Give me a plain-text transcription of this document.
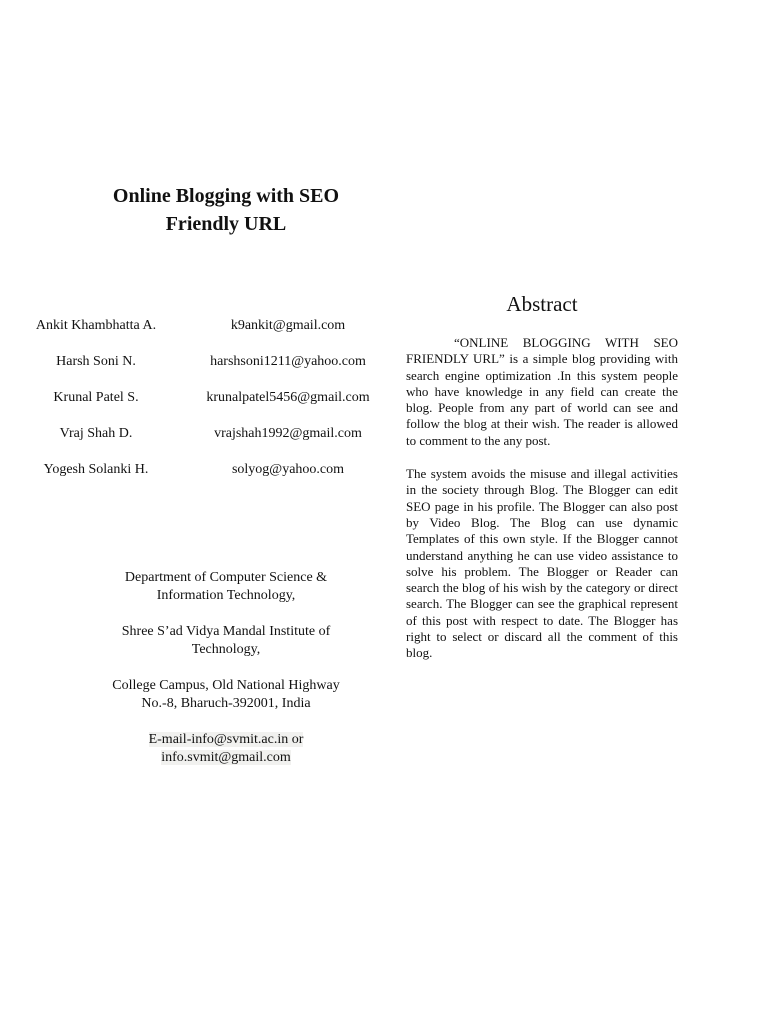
Online Blogging with SEO
Friendly URL
Ankit Khambhatta A.	k9ankit@gmail.com
Harsh Soni N.	harshsoni1211@yahoo.com
Krunal Patel S.	krunalpatel5456@gmail.com
Vraj Shah D.	vrajshah1992@gmail.com
Yogesh Solanki H.	solyog@yahoo.com
Department of Computer Science &
Information Technology,
Shree S’ad Vidya Mandal Institute of
Technology,
College Campus, Old National Highway
No.-8, Bharuch-392001, India
E-mail-info@svmit.ac.in or
info.svmit@gmail.com
Abstract

“ONLINE BLOGGING WITH SEO FRIENDLY URL” is a simple blog providing with search engine optimization .In this system people who have knowledge in any field can create the blog. People from any part of world can see and follow the blog at their wish. The reader is allowed to comment to the any post.

The system avoids the misuse and illegal activities in the society through Blog. The Blogger can edit SEO page in his profile. The Blogger can also post by Video Blog. The Blog can use dynamic Templates of this own style. If the Blogger cannot understand anything he can use video assistance to solve his problem. The Blogger or Reader can search the blog of his wish by the category or direct search. The Blogger can see the graphical represent of this post with respect to date. The Blogger has right to select or discard all the comment of this blog.
